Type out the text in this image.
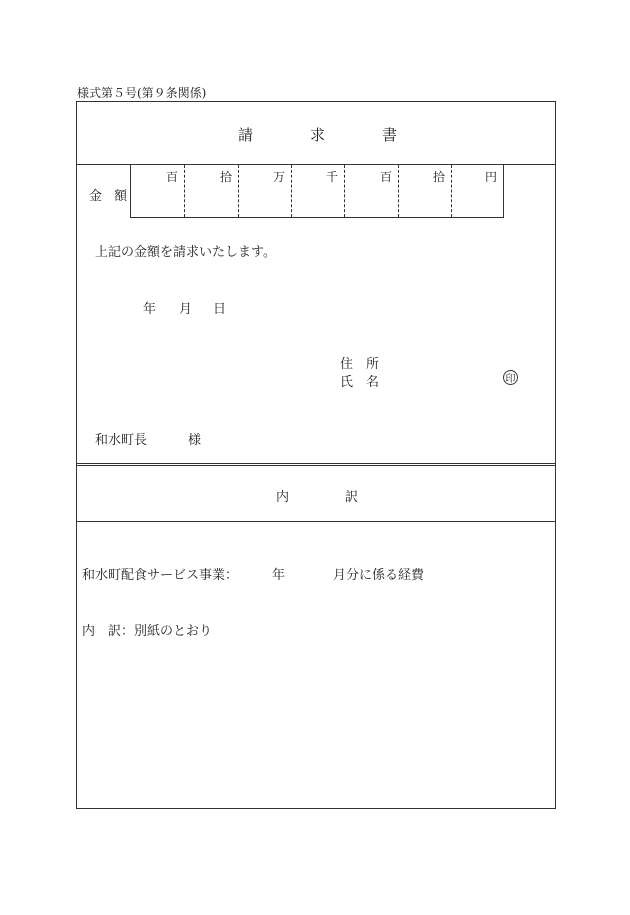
様式第５号(第９条関係)
請	求	書
金 額
百	拾	万	千	百	拾	円
上記の金額を請求いたします。
年 月 日
住　所
氏　名	印
和水町長	様
内	訳
和水町配食サービス事業：	年	月分に係る経費
内　訳：別紙のとおり
